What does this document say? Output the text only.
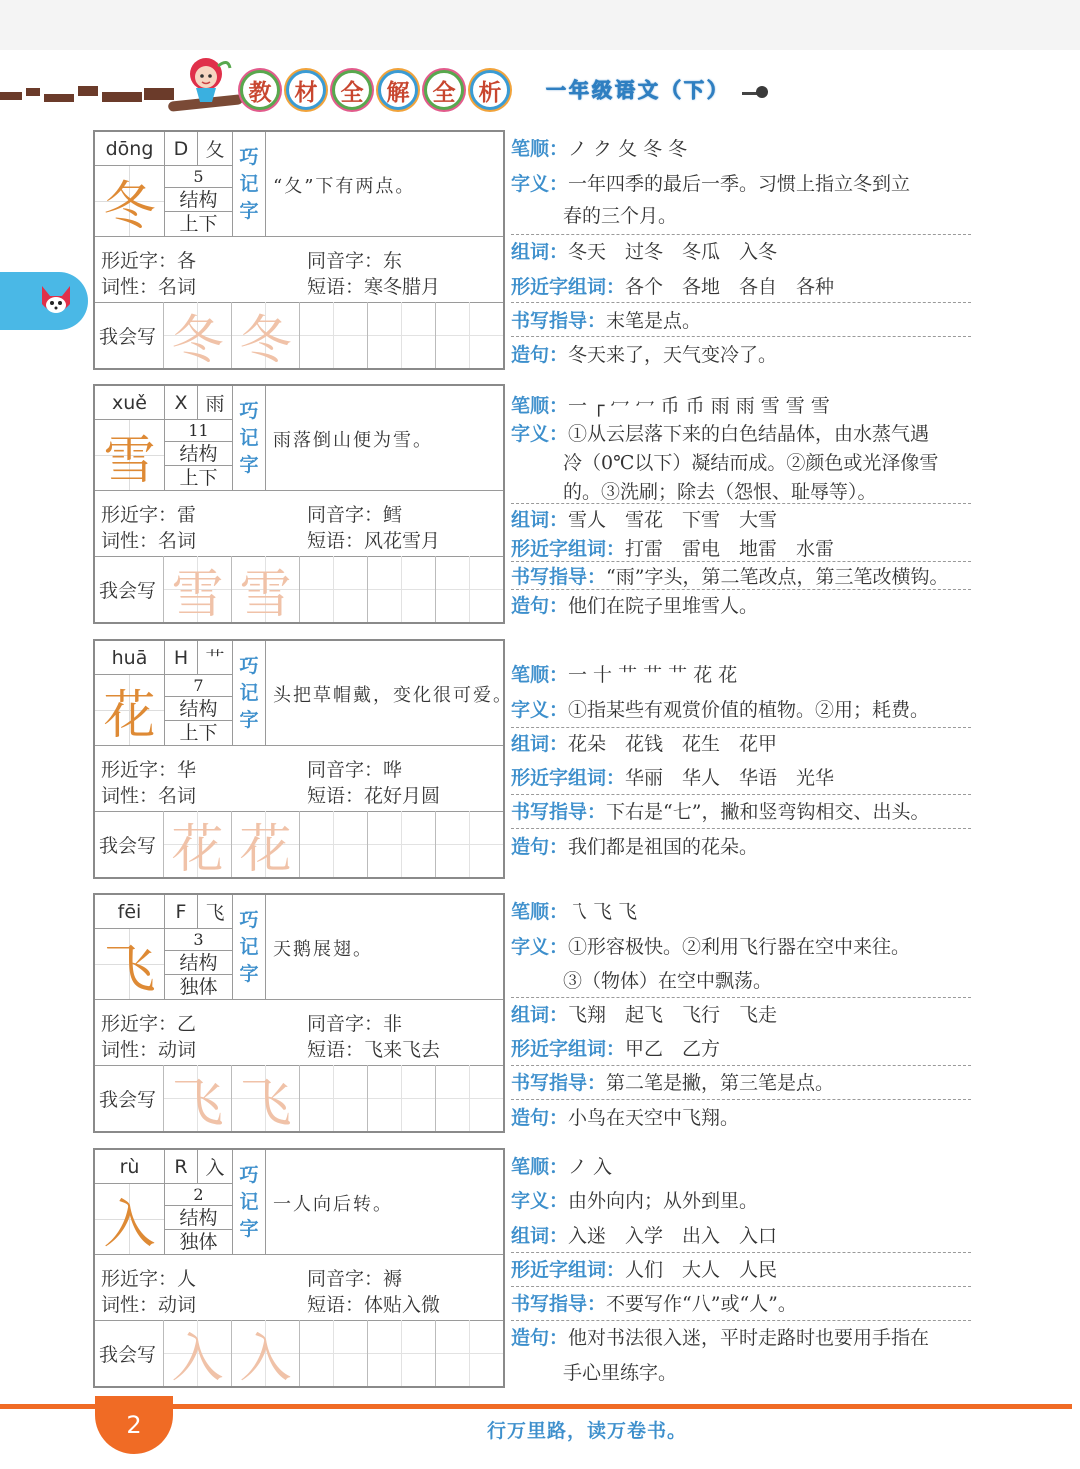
教	材	全	解	全	析	一年级语文（下）
dōng	D 夂
冬	5
结构
上下
巧
记
字
“夂”下有两点。
形近字：各
词性：名词
同音字：东
短语：寒冬腊月
我会写 冬 冬
笔顺：ノ ク 夂 冬 冬
字义：一年四季的最后一季。习惯上指立冬到立
春的三个月。
组词：冬天　过冬　冬瓜　入冬
形近字组词：各个　各地　各自　各种
书写指导：末笔是点。
造句：冬天来了，天气变冷了。
xuě	X 雨
雪	11
结构
上下
巧
记
字
雨落倒山便为雪。
形近字：雷
词性：名词
同音字：鳕
短语：风花雪月
我会写 雪 雪
笔顺：一 ┌ 冖 冖 币 币 雨 雨 雪 雪 雪
字义：①从云层落下来的白色结晶体，由水蒸气遇
冷（0℃以下）凝结而成。②颜色或光泽像雪
的。③洗刷；除去（怨恨、耻辱等）。
组词：雪人　雪花　下雪　大雪
形近字组词：打雷　雷电　地雷　水雷
书写指导：“雨”字头，第二笔改点，第三笔改横钩。
造句：他们在院子里堆雪人。
huā	H 艹
花	7
结构
上下
巧
记
字
头把草帽戴，变化很可爱。
形近字：华
词性：名词
同音字：哗
短语：花好月圆
我会写 花 花
笔顺：一 十 艹 艹 艹 花 花
字义：①指某些有观赏价值的植物。②用；耗费。
组词：花朵　花钱　花生　花甲
形近字组词：华丽　华人　华语　光华
书写指导：下右是“七”，撇和竖弯钩相交、出头。
造句：我们都是祖国的花朵。
fēi	F	飞
飞	3
结构
独体
巧
记
字
天鹅展翅。
形近字：乙
词性：动词
同音字：非
短语：飞来飞去
我会写 飞 飞
笔顺：乁 飞 飞
字义：①形容极快。②利用飞行器在空中来往。
③（物体）在空中飘荡。
组词：飞翔　起飞　飞行　飞走
形近字组词：甲乙　乙方
书写指导：第二笔是撇，第三笔是点。
造句：小鸟在天空中飞翔。
rù	R 入
入	2
结构
独体
巧
记
字
一人向后转。
形近字：人
词性：动词
同音字：褥
短语：体贴入微
我会写 入 入
笔顺：ノ 入
字义：由外向内；从外到里。
组词：入迷　入学　出入　入口
形近字组词：人们　大人　人民
书写指导：不要写作“八”或“人”。
造句：他对书法很入迷，平时走路时也要用手指在
手心里练字。
2	行万里路，读万卷书。
